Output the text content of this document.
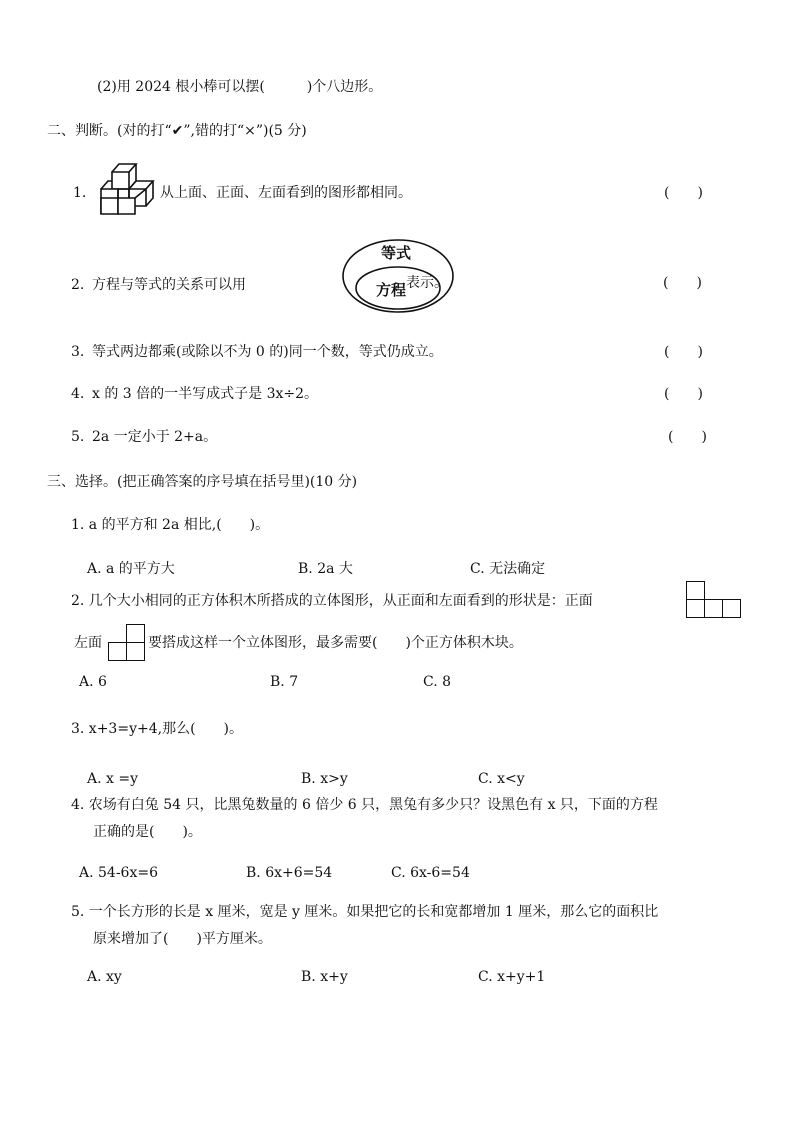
(2)用 2024 根小棒可以摆(　　　)个八边形。
二、判断。(对的打“✔”,错的打“×”)(5 分)
1.	从上面、正面、左面看到的图形都相同。	(　　)
2. 方程与等式的关系可以用
等式
方程 表示。	(　　)
3. 等式两边都乘(或除以不为 0 的)同一个数，等式仍成立。	(　　)
4. x 的 3 倍的一半写成式子是 3x÷2。	(　　)
5. 2a 一定小于 2+a。	(　　)
三、选择。(把正确答案的序号填在括号里)(10 分)
1. a 的平方和 2a 相比,(　　)。
A. a 的平方大	B. 2a 大	C. 无法确定
2. 几个大小相同的正方体积木所搭成的立体图形，从正面和左面看到的形状是：正面

左面

		要搭成这样一个立体图形，最多需要(　　)个正方体积木块。
A. 6	B. 7	C. 8
3. x+3=y+4,那么(　　)。
A. x =y	B. x>y	C. x<y
4. 农场有白兔 54 只，比黑兔数量的 6 倍少 6 只，黑兔有多少只？设黑色有 x 只，下面的方程
正确的是(　　)。
A. 54-6x=6	B. 6x+6=54	C. 6x-6=54
5. 一个长方形的长是 x 厘米，宽是 y 厘米。如果把它的长和宽都增加 1 厘米，那么它的面积比
原来增加了(　　)平方厘米。
A. xy	B. x+y	C. x+y+1
